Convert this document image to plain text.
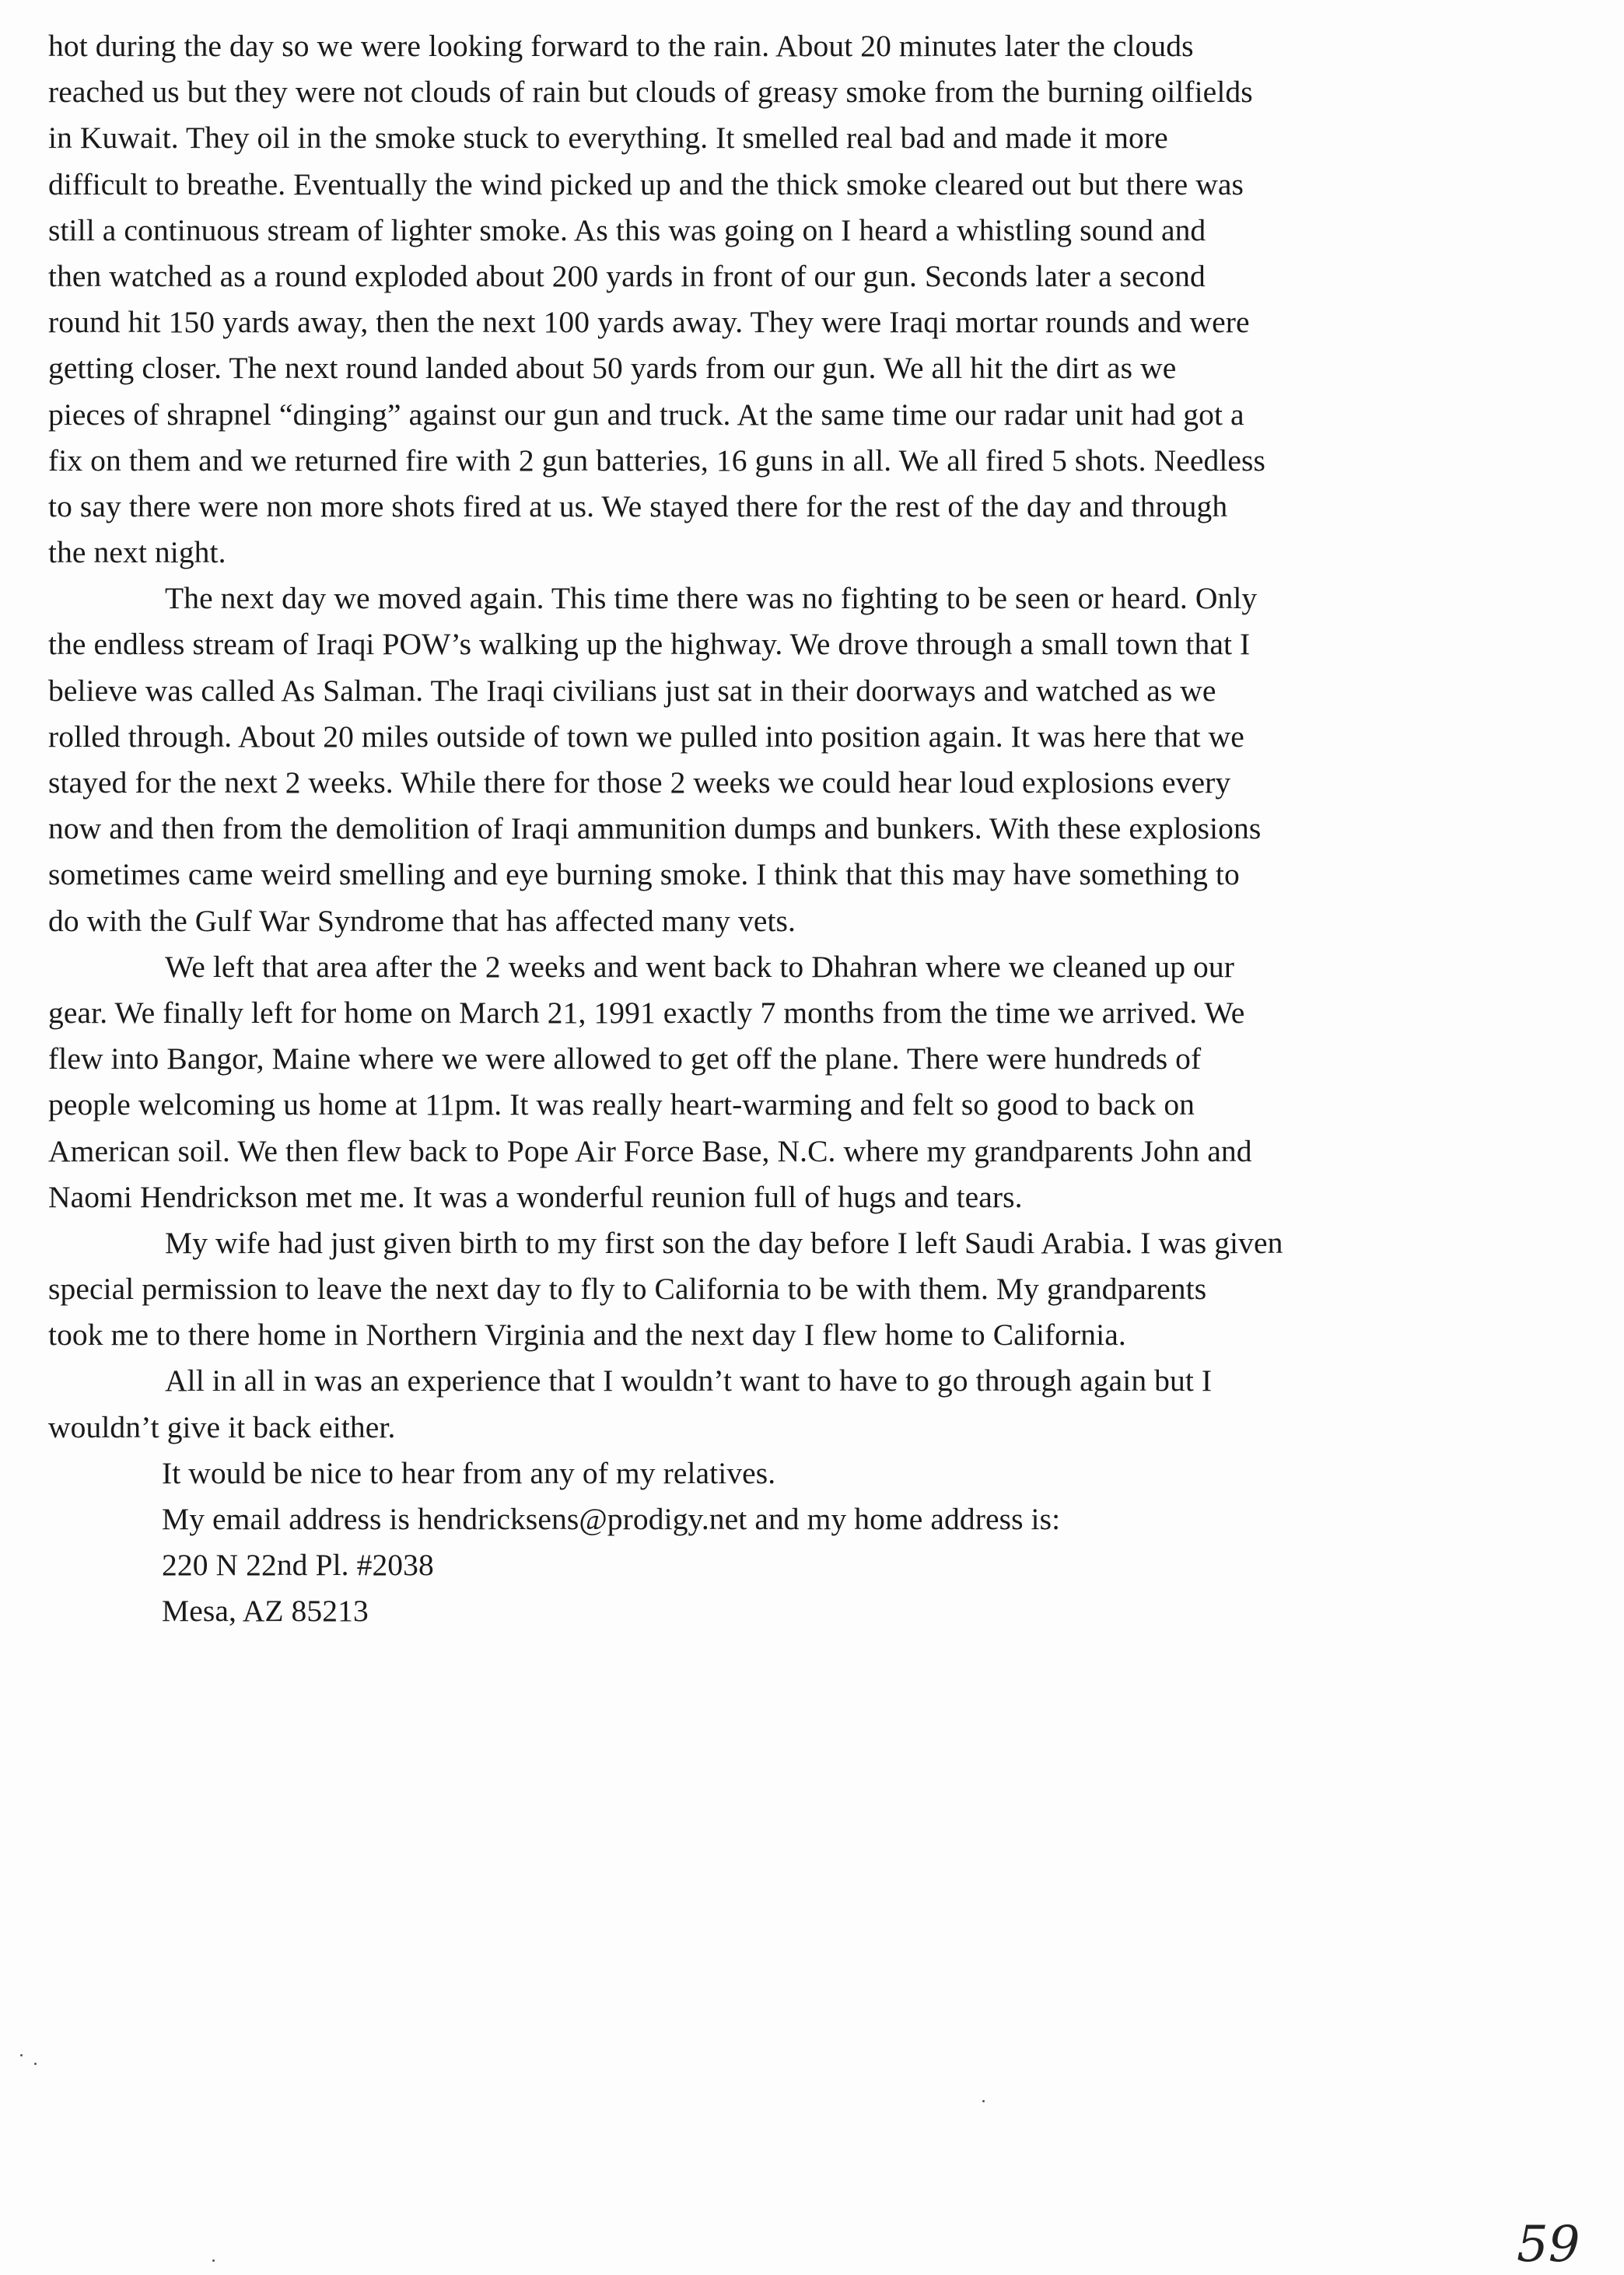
hot during the day so we were looking forward to the rain. About 20 minutes later the clouds
reached us but they were not clouds of rain but clouds of greasy smoke from the burning oilfields
in Kuwait. They oil in the smoke stuck to everything. It smelled real bad and made it more
difficult to breathe. Eventually the wind picked up and the thick smoke cleared out but there was
still a continuous stream of lighter smoke. As this was going on I heard a whistling sound and
then watched as a round exploded about 200 yards in front of our gun. Seconds later a second
round hit 150 yards away, then the next 100 yards away. They were Iraqi mortar rounds and were
getting closer. The next round landed about 50 yards from our gun. We all hit the dirt as we
pieces of shrapnel “dinging” against our gun and truck. At the same time our radar unit had got a
fix on them and we returned fire with 2 gun batteries, 16 guns in all. We all fired 5 shots. Needless
to say there were non more shots fired at us. We stayed there for the rest of the day and through
the next night.
The next day we moved again. This time there was no fighting to be seen or heard. Only
the endless stream of Iraqi POW’s walking up the highway. We drove through a small town that I
believe was called As Salman. The Iraqi civilians just sat in their doorways and watched as we
rolled through. About 20 miles outside of town we pulled into position again. It was here that we
stayed for the next 2 weeks. While there for those 2 weeks we could hear loud explosions every
now and then from the demolition of Iraqi ammunition dumps and bunkers. With these explosions
sometimes came weird smelling and eye burning smoke. I think that this may have something to
do with the Gulf War Syndrome that has affected many vets.
We left that area after the 2 weeks and went back to Dhahran where we cleaned up our
gear. We finally left for home on March 21, 1991 exactly 7 months from the time we arrived. We
flew into Bangor, Maine where we were allowed to get off the plane. There were hundreds of
people welcoming us home at 11pm. It was really heart-warming and felt so good to back on
American soil. We then flew back to Pope Air Force Base, N.C. where my grandparents John and
Naomi Hendrickson met me. It was a wonderful reunion full of hugs and tears.
My wife had just given birth to my first son the day before I left Saudi Arabia. I was given
special permission to leave the next day to fly to California to be with them. My grandparents
took me to there home in Northern Virginia and the next day I flew home to California.
All in all in was an experience that I wouldn’t want to have to go through again but I
wouldn’t give it back either.
It would be nice to hear from any of my relatives.
My email address is hendricksens@prodigy.net and my home address is:
220 N 22nd Pl. #2038
Mesa, AZ 85213
59
